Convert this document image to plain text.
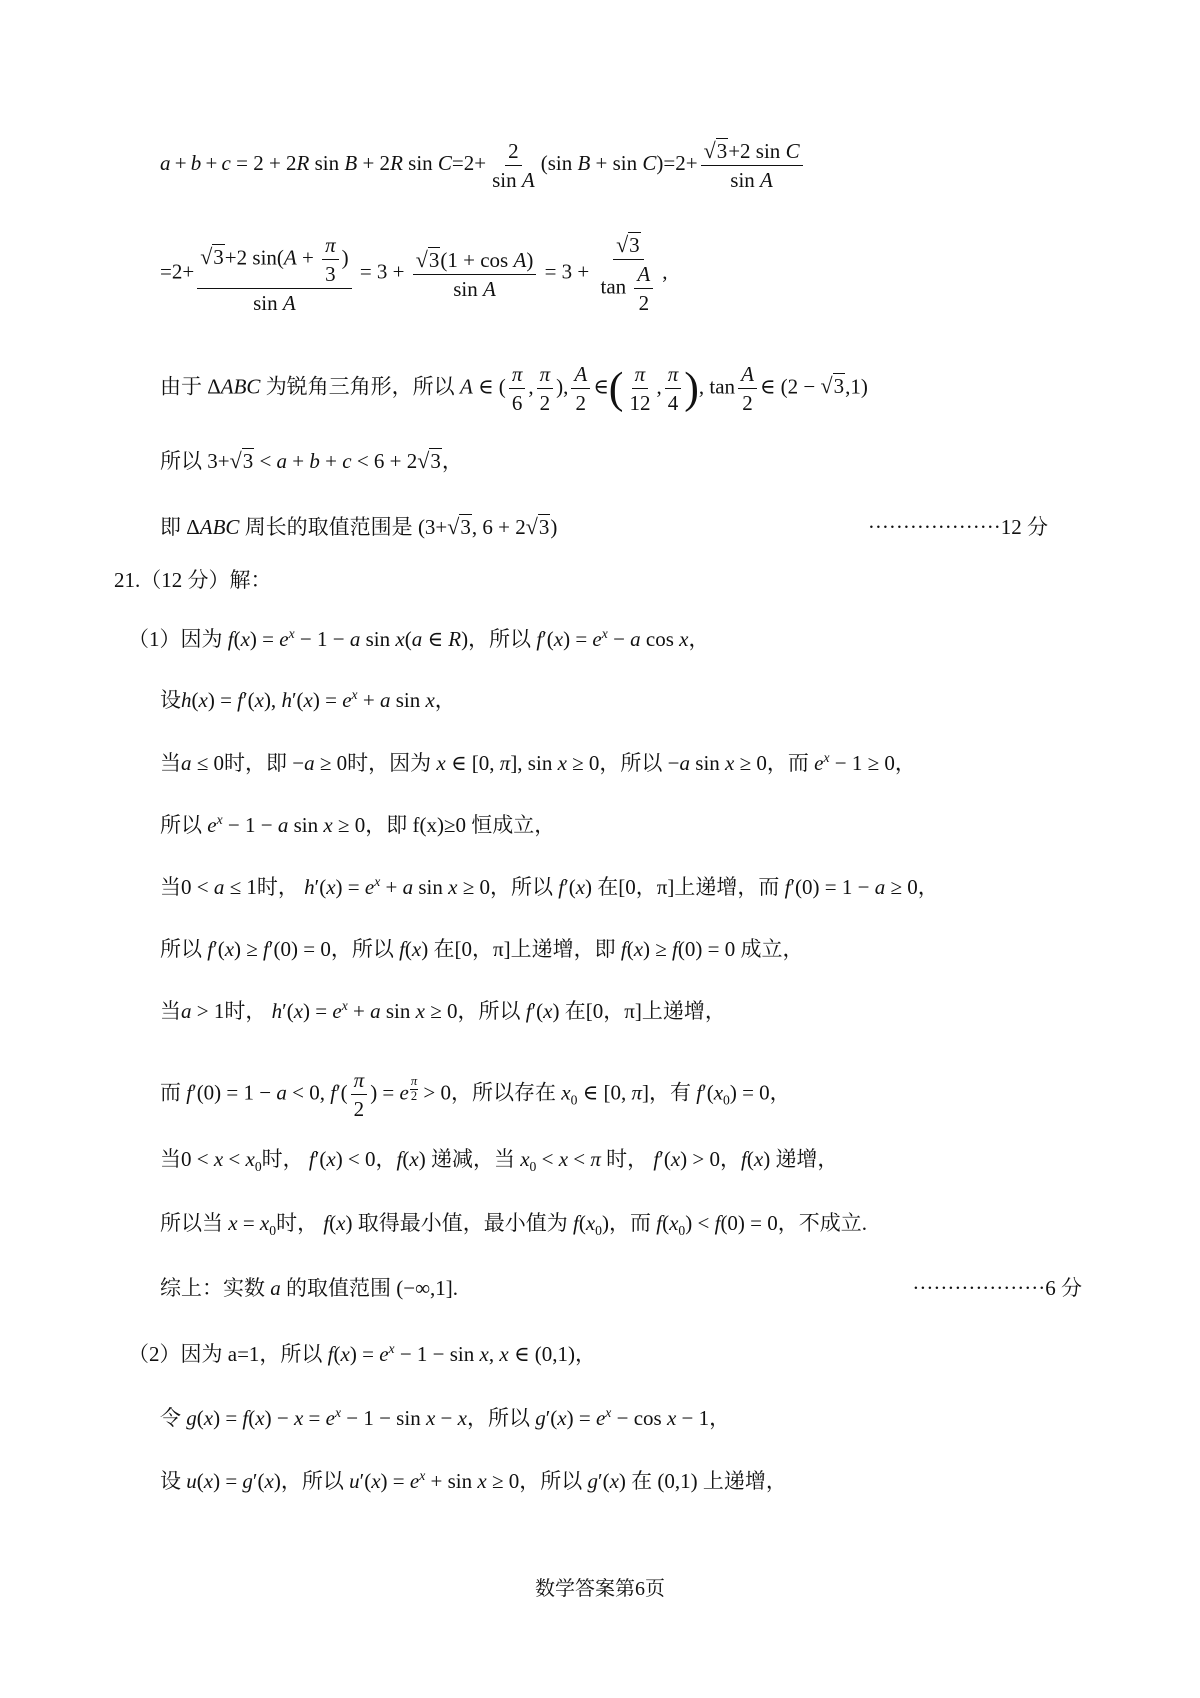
a + b + c = 2 + 2R sin B + 2R $\sin C=2+ \frac{2}{\text{sin A}} (\sin$ $B + \sin C)=2+ \frac{\text{√3+2 sin C}}{\text{sin A}}$
$=2+ \frac{√3+2 \sin(A + \frac{\pi}{3} )}{\text{sin A}} = 3 + \frac{\text{√3(1 + cos A)}}{\text{sin A}} = 3 + \frac{√3}{\tan \frac{A}{2}}$ ,
由于 ΔABC 为锐角三角形，所以 A ∈ ( $\frac{\pi}{6}$ , $\frac{\pi}{2}$ ), $\frac{A}{2}$ ∈( $\frac{\pi}{12}$ , $\frac{\pi}{4}$ ), $\tan \frac{A}{2}$ ∈ (2 − √3,1)
所以 3+√3 < a + b + c < 6 + 2√3，
即 ΔABC 周长的取值范围是 (3+√3, 6 + 2√3)	···················12 分
21.（12 分）解：
（1）因为 $f(x) = e^x - 1 - a$ sin x(a ∈ R)，所以 $f'(x) = e^x - a$ cos x，
设h(x) = f′(x), $h'(x) = e^x + a$ sin x，
当a ≤ 0时，即 −a ≥ 0时，因为 x ∈ [0, π], sin x ≥ 0，所以 −a sin x ≥ 0，而 $e^x - 1 \ge 0$，
所以 $e^x - 1 - a$ sin x ≥ 0，即 f(x)≥0 恒成立，
当0 < a ≤ 1时， $h'(x) = e^x + a$ sin x ≥ 0，所以 f′(x) 在[0，π]上递增，而 f′(0) = 1 − a ≥ 0，
所以 f′(x) ≥ f′(0) = 0，所以 f(x) 在[0，π]上递增，即 f(x) ≥ f(0) = 0 成立，
当a > 1时， $h'(x) = e^x + a$ sin x ≥ 0，所以 f′(x) 在[0，π]上递增，
而 f′(0) = 1 − a < 0, $f'( \frac{\pi}{2}$ ) = e $\frac{\pi}{2} > 0$，所以存在 $x_0$ ∈ [0, π]，有 $f'(x_0) = 0$，
当$0 < x < x_0$时， f′(x) < 0，f(x) 递减，当 $x_0 < x < \pi$ 时， f′(x) > 0，f(x) 递增，
所以当 $x = x_0$时， f(x) 取得最小值，最小值为 $f(x_0)$，而 $f(x_0) < f(0) = 0$，不成立.
综上：实数 a 的取值范围 (−∞,1].	···················6 分
（2）因为 a=1，所以 $f(x) = e^x - 1 - \sin x$, x ∈ (0,1)，
令 $g(x) = f(x) - x = e^x - 1 - \sin x - x$，所以 $g'(x) = e^x - \cos x - 1$，
设 u(x) = g′(x)，所以 $u'(x) = e^x + \sin x \ge 0$，所以 g′(x) 在 (0,1) 上递增，
数学答案第6页
